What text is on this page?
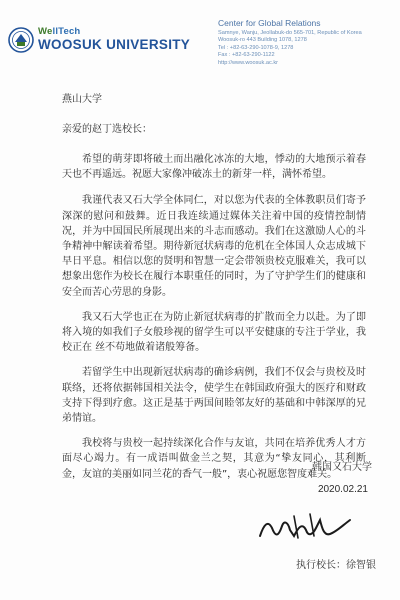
WellTech
WOOSUK UNIVERSITY
Center for Global Relations
Samnye, Wanju, Jeollabuk-do 565-701, Republic of Korea
Woosuk-ro 443 Building 1078, 1278
Tel : +82-63-290-1078-9, 1278
Fax : +82-63-290-1122
http://www.woosuk.ac.kr
燕山大学
亲爱的赵丁选校长：

希望的萌芽即将破土而出融化冰冻的大地，悸动的大地预示着春天也不再遥远。祝愿大家像冲破冻土的新芽一样，满怀希望。

我谨代表又石大学全体同仁，对以您为代表的全体教职员们寄予深深的慰问和鼓舞。近日我连续通过媒体关注着中国的疫情控制情况，并为中国国民所展现出来的斗志而感动。我们在这激励人心的斗争精神中解读着希望。期待新冠状病毒的危机在全体国人众志成城下早日平息。相信以您的贤明和智慧一定会带领贵校克服难关，我可以想象出您作为校长在履行本职重任的同时，为了守护学生们的健康和安全而苦心劳思的身影。

我又石大学也正在为防止新冠状病毒的扩散而全力以赴。为了即将入境的如我们子女般珍视的留学生可以平安健康的专注于学业，我校正在 丝不苟地做着诸般筹备。

若留学生中出现新冠状病毒的确诊病例，我们不仅会与贵校及时联络，还将依据韩国相关法令，使学生在韩国政府强大的医疗和财政支持下得到疗愈。这正是基于两国间睦邻友好的基础和中韩深厚的兄弟情谊。

我校将与贵校一起持续深化合作与友谊，共同在培养优秀人才方面尽心竭力。有一成语叫做金兰之契，其意为“挚友同心，其利断金，友谊的美丽如同兰花的香气一般”，衷心祝愿您智度难关。

韩国又石大学
2020.02.21
执行校长：徐智银
